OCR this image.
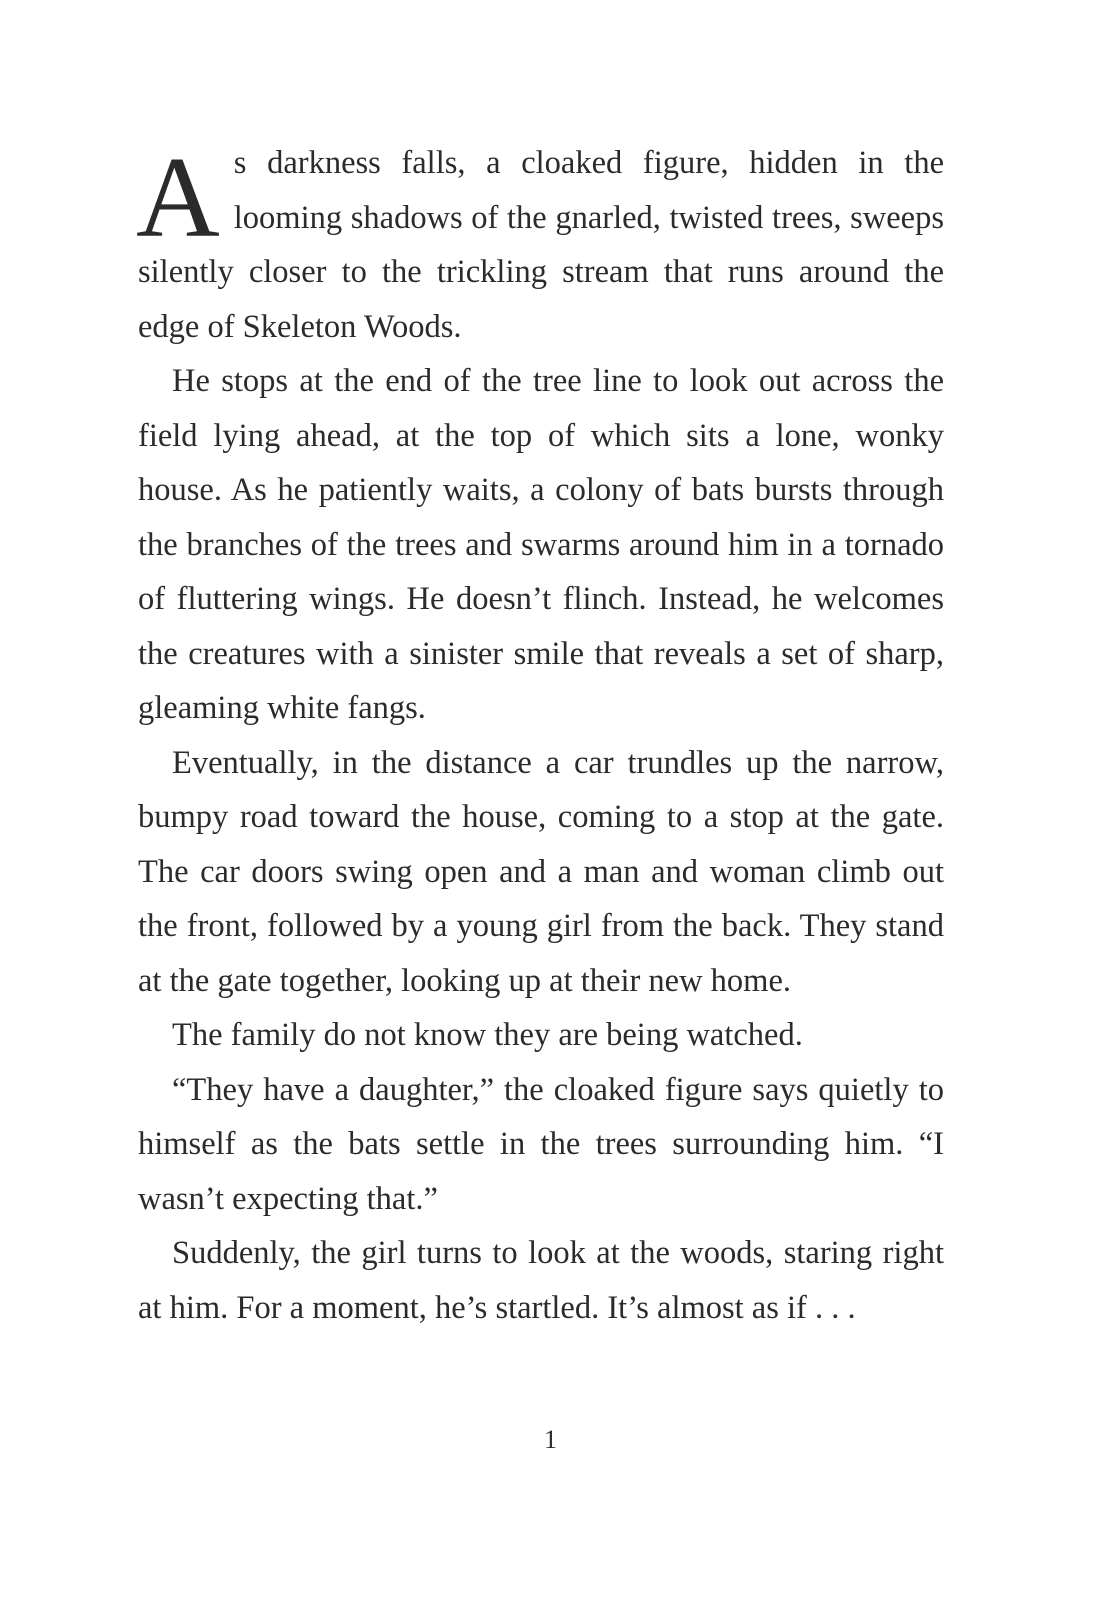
As darkness falls, a cloaked figure, hidden in the looming shadows of the gnarled, twisted trees, sweeps silently closer to the trickling stream that runs around the edge of Skeleton Woods.

He stops at the end of the tree line to look out across the field lying ahead, at the top of which sits a lone, wonky house. As he patiently waits, a colony of bats bursts through the branches of the trees and swarms around him in a tornado of fluttering wings. He doesn’t flinch. Instead, he welcomes the creatures with a sinister smile that reveals a set of sharp, gleaming white fangs.

Eventually, in the distance a car trundles up the narrow, bumpy road toward the house, coming to a stop at the gate. The car doors swing open and a man and woman climb out the front, followed by a young girl from the back. They stand at the gate together, looking up at their new home.

The family do not know they are being watched.

“They have a daughter,” the cloaked figure says quietly to himself as the bats settle in the trees surrounding him. “I wasn’t expecting that.”

Suddenly, the girl turns to look at the woods, staring right at him. For a moment, he’s startled. It’s almost as if . . .

1
